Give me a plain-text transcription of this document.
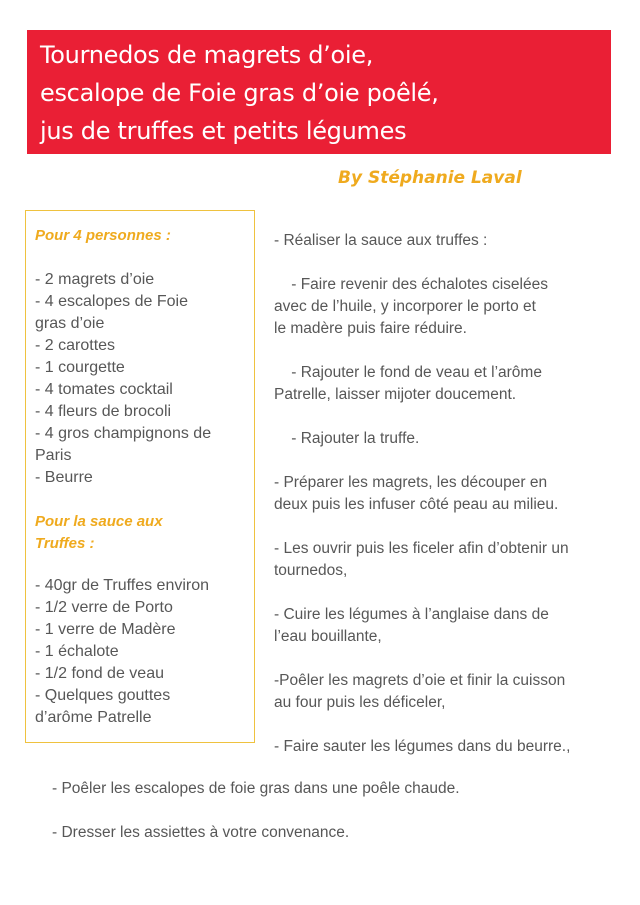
Tournedos de magrets d’oie,
escalope de Foie gras d’oie poêlé,
jus de truffes et petits légumes
By Stéphanie Laval
Pour 4 personnes :
- 2 magrets d’oie
- 4 escalopes de Foie
gras d’oie
- 2 carottes
- 1 courgette
- 4 tomates cocktail
- 4 fleurs de brocoli
- 4 gros champignons de
Paris
- Beurre
Pour la sauce aux
Truffes :
- 40gr de Truffes environ
- 1/2 verre de Porto
- 1 verre de Madère
- 1 échalote
- 1/2 fond de veau
- Quelques gouttes
d’arôme Patrelle
- Réaliser la sauce aux truffes :
- Faire revenir des échalotes ciselées
avec de l’huile, y incorporer le porto et
le madère puis faire réduire.
- Rajouter le fond de veau et l’arôme
Patrelle, laisser mijoter doucement.
- Rajouter la truffe.
- Préparer les magrets, les découper en
deux puis les infuser côté peau au milieu.
- Les ouvrir puis les ficeler afin d’obtenir un
tournedos,
- Cuire les légumes à l’anglaise dans de
l’eau bouillante,
-Poêler les magrets d’oie et finir la cuisson
au four puis les déficeler,
- Faire sauter les légumes dans du beurre.,
- Poêler les escalopes de foie gras dans une poêle chaude.
- Dresser les assiettes à votre convenance.
